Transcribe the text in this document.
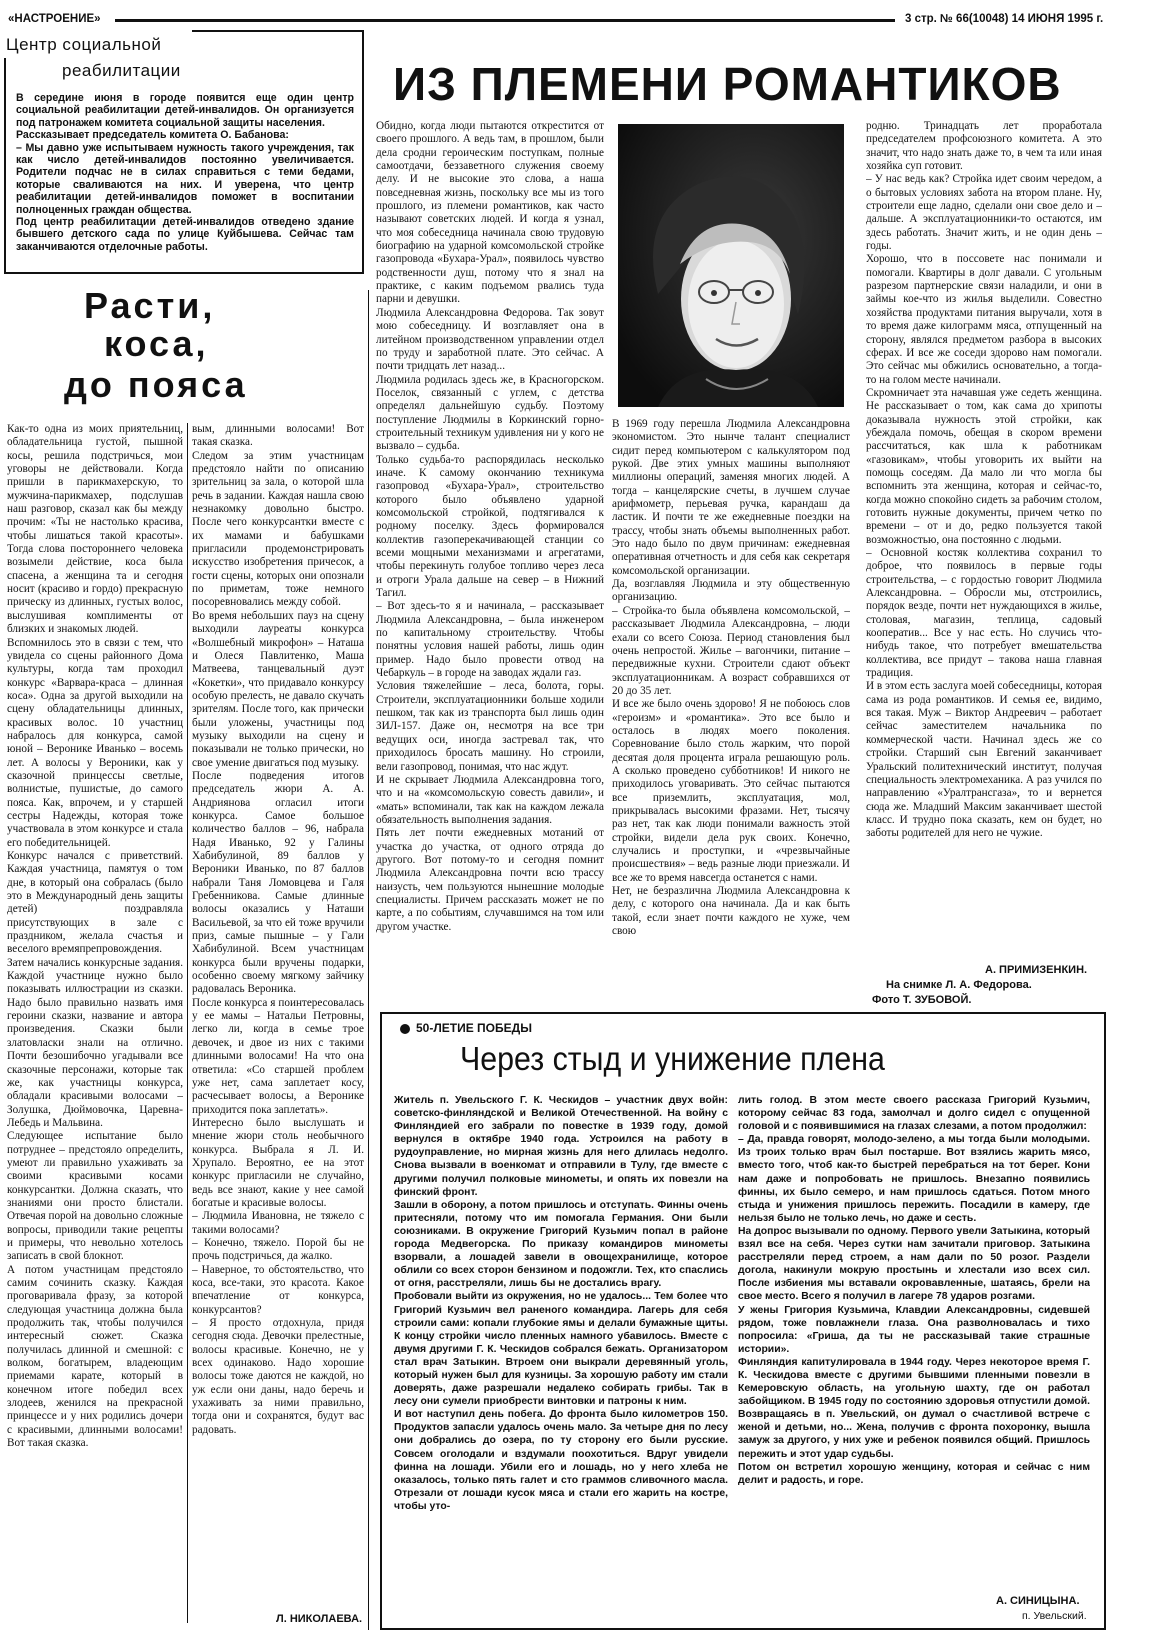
«НАСТРОЕНИЕ»	3 стр. № 66(10048) 14 ИЮНЯ 1995 г.
Центр социальной
реабилитации
В середине июня в городе появится еще один центр социальной реабилитации детей-инвалидов. Он организуется под патронажем комитета социальной защиты населения.
Рассказывает председатель комитета О. Бабанова:
– Мы давно уже испытываем нужность такого учреждения, так как число детей-инвалидов постоянно увеличивается. Родители подчас не в силах справиться с теми бедами, которые сваливаются на них. И уверена, что центр реабилитации детей-инвалидов поможет в воспитании полноценных граждан общества.
Под центр реабилитации детей-инвалидов отведено здание бывшего детского сада по улице Куйбышева. Сейчас там заканчиваются отделочные работы.
Расти,
коса,
до пояса
Как-то одна из моих приятельниц, обладательница густой, пышной косы, решила подстричься, мои уговоры не действовали. Когда пришли в парикмахерскую, то мужчина-парикмахер, подслушав наш разговор, сказал как бы между прочим: «Ты не настолько красива, чтобы лишаться такой красоты». Тогда слова постороннего человека возымели действие, коса была спасена, а женщина та и сегодня носит (красиво и гордо) прекрасную прическу из длинных, густых волос, выслушивая комплименты от близких и знакомых людей.
Вспомнилось это в связи с тем, что увидела со сцены районного Дома культуры, когда там проходил конкурс «Варвара-краса – длинная коса». Одна за другой выходили на сцену обладательницы длинных, красивых волос. 10 участниц набралось для конкурса, самой юной – Веронике Иванько – восемь лет. А волосы у Вероники, как у сказочной принцессы светлые, волнистые, пушистые, до самого пояса. Как, впрочем, и у старшей сестры Надежды, которая тоже участвовала в этом конкурсе и стала его победительницей.
Конкурс начался с приветствий. Каждая участница, памятуя о том дне, в который она собралась (было это в Международный день защиты детей) поздравляла присутствующих в зале с праздником, желала счастья и веселого времяпрепровождения.
Затем начались конкурсные задания. Каждой участнице нужно было показывать иллюстрации из сказки. Надо было правильно назвать имя героини сказки, название и автора произведения. Сказки были златовласки знали на отлично. Почти безошибочно угадывали все сказочные персонажи, которые так же, как участницы конкурса, обладали красивыми волосами – Золушка, Дюймовочка, Царевна-Лебедь и Мальвина.
Следующее испытание было потруднее – предстояло определить, умеют ли правильно ухаживать за своими красивыми косами конкурсантки. Должна сказать, что знаниями они просто блистали. Отвечая порой на довольно сложные вопросы, приводили такие рецепты и примеры, что невольно хотелось записать в свой блокнот.
А потом участницам предстояло самим сочинить сказку. Каждая проговаривала фразу, за которой следующая участница должна была продолжить так, чтобы получился интересный сюжет. Сказка получилась длинной и смешной: с волком, богатырем, владеющим приемами карате, который в конечном итоге победил всех злодеев, женился на прекрасной принцессе и у них родились дочери с красивыми, длинными волосами! Вот такая сказка.
вым, длинными волосами! Вот такая сказка.
Следом за этим участницам предстояло найти по описанию зрительниц за зала, о которой шла речь в задании. Каждая нашла свою незнакомку довольно быстро. После чего конкурсантки вместе с их мамами и бабушками пригласили продемонстрировать искусство изобретения причесок, а гости сцены, которых они опознали по приметам, тоже немного посоревновались между собой.
Во время небольших пауз на сцену выходили лауреаты конкурса «Волшебный микрофон» – Наташа и Олеся Павлитенко, Маша Матвеева, танцевальный дуэт «Кокетки», что придавало конкурсу особую прелесть, не давало скучать зрителям. После того, как прически были уложены, участницы под музыку выходили на сцену и показывали не только прически, но свое умение двигаться под музыку.
После подведения итогов председатель жюри А. А. Андриянова огласил итоги конкурса. Самое большое количество баллов – 96, набрала Надя Иванько, 92 у Галины Хабибулиной, 89 баллов у Вероники Иванько, по 87 баллов набрали Таня Ломовцева и Галя Гребенникова. Самые длинные волосы оказались у Наташи Васильевой, за что ей тоже вручили приз, самые пышные – у Гали Хабибулиной. Всем участницам конкурса были вручены подарки, особенно своему мягкому зайчику радовалась Вероника.
После конкурса я поинтересовалась у ее мамы – Натальи Петровны, легко ли, когда в семье трое девочек, и двое из них с такими длинными волосами! На что она ответила: «Со старшей проблем уже нет, сама заплетает косу, расчесывает волосы, а Веронике приходится пока заплетать».
Интересно было выслушать и мнение жюри столь необычного конкурса. Выбрала я Л. И. Хрупало. Вероятно, ее на этот конкурс пригласили не случайно, ведь все знают, какие у нее самой богатые и красивые волосы.
– Людмила Ивановна, не тяжело с такими волосами?
– Конечно, тяжело. Порой бы не прочь подстричься, да жалко.
– Наверное, то обстоятельство, что коса, все-таки, это красота. Какое впечатление от конкурса, конкурсантов?
– Я просто отдохнула, придя сегодня сюда. Девочки прелестные, волосы красивые. Конечно, не у всех одинаково. Надо хорошие волосы тоже даются не каждой, но уж если они даны, надо беречь и ухаживать за ними правильно, тогда они и сохранятся, будут вас радовать.
Л. НИКОЛАЕВА.
ИЗ ПЛЕМЕНИ РОМАНТИКОВ
Обидно, когда люди пытаются открестится от своего прошлого. А ведь там, в прошлом, были дела сродни героическим поступкам, полные самоотдачи, беззаветного служения своему делу. И не высокие это слова, а наша повседневная жизнь, поскольку все мы из того прошлого, из племени романтиков, как часто называют советских людей. И когда я узнал, что моя собеседница начинала свою трудовую биографию на ударной комсомольской стройке газопровода «Бухара-Урал», появилось чувство родственности душ, потому что я знал на практике, с каким подъемом рвались туда парни и девушки.
Людмила Александровна Федорова. Так зовут мою собеседницу. И возглавляет она в литейном производственном управлении отдел по труду и заработной плате. Это сейчас. А почти тридцать лет назад...
Людмила родилась здесь же, в Красногорском. Поселок, связанный с углем, с детства определял дальнейшую судьбу. Поэтому поступление Людмилы в Коркинский горно-строительный техникум удивления ни у кого не вызвало – судьба.
Только судьба-то распорядилась несколько иначе. К самому окончанию техникума газопровод «Бухара-Урал», строительство которого было объявлено ударной комсомольской стройкой, подтягивался к родному поселку. Здесь формировался коллектив газоперекачивающей станции со всеми мощными механизмами и агрегатами, чтобы перекинуть голубое топливо через леса и отроги Урала дальше на север – в Нижний Тагил.
– Вот здесь-то я и начинала, – рассказывает Людмила Александровна, – была инженером по капитальному строительству. Чтобы понятны условия нашей работы, лишь один пример. Надо было провести отвод на Чебаркуль – в городе на заводах ждали газ.
Условия тяжелейшие – леса, болота, горы. Строители, эксплуатационники больше ходили пешком, так как из транспорта был лишь один ЗИЛ-157. Даже он, несмотря на все три ведущих оси, иногда застревал так, что приходилось бросать машину. Но строили, вели газопровод, понимая, что нас ждут.
И не скрывает Людмила Александровна того, что и на «комсомольскую совесть давили», и «мать» вспоминали, так как на каждом лежала обязательность выполнения задания.
Пять лет почти ежедневных мотаний от участка до участка, от одного отряда до другого. Вот потому-то и сегодня помнит Людмила Александровна почти всю трассу наизусть, чем пользуются нынешние молодые специалисты. Причем рассказать может не по карте, а по событиям, случавшимся на том или другом участке.
В 1969 году перешла Людмила Александровна экономистом. Это нынче талант специалист сидит перед компьютером с калькулятором под рукой. Две этих умных машины выполняют миллионы операций, заменяя многих людей. А тогда – канцелярские счеты, в лучшем случае арифмометр, перьевая ручка, карандаш да ластик. И почти те же ежедневные поездки на трассу, чтобы знать объемы выполненных работ. Это надо было по двум причинам: ежедневная оперативная отчетность и для себя как секретаря комсомольской организации.
Да, возглавляя Людмила и эту общественную организацию.
– Стройка-то была объявлена комсомольской, – рассказывает Людмила Александровна, – люди ехали со всего Союза. Период становления был очень непростой. Жилье – вагончики, питание – передвижные кухни. Строители сдают объект эксплуатационникам. А возраст собравшихся от 20 до 35 лет.
И все же было очень здорово! Я не побоюсь слов «героизм» и «романтика». Это все было и осталось в людях моего поколения. Соревнование было столь жарким, что порой десятая доля процента играла решающую роль. А сколько проведено субботников! И никого не приходилось уговаривать. Это сейчас пытаются все приземлить, эксплуатация, мол, прикрывалась высокими фразами. Нет, тысячу раз нет, так как люди понимали важность этой стройки, видели дела рук своих. Конечно, случались и проступки, и «чрезвычайные происшествия» – ведь разные люди приезжали. И все же то время навсегда останется с нами.
Нет, не безразлична Людмила Александровна к делу, с которого она начинала. Да и как быть такой, если знает почти каждого не хуже, чем свою
родню. Тринадцать лет проработала председателем профсоюзного комитета. А это значит, что надо знать даже то, в чем та или иная хозяйка суп готовит.
– У нас ведь как? Стройка идет своим чередом, а о бытовых условиях забота на втором плане. Ну, строители еще ладно, сделали они свое дело и – дальше. А эксплуатационники-то остаются, им здесь работать. Значит жить, и не один день – годы.
Хорошо, что в поссовете нас понимали и помогали. Квартиры в долг давали. С угольным разрезом партнерские связи наладили, и они в займы кое-что из жилья выделили. Совестно хозяйства продуктами питания выручали, хотя в то время даже килограмм мяса, отпущенный на сторону, являлся предметом разбора в высоких сферах. И все же соседи здорово нам помогали. Это сейчас мы обжились основательно, а тогда-то на голом месте начинали.
Скромничает эта начавшая уже седеть женщина. Не рассказывает о том, как сама до хрипоты доказывала нужность этой стройки, как убеждала помочь, обещая в скором времени рассчитаться, как шла к работникам «газовикам», чтобы уговорить их выйти на помощь соседям. Да мало ли что могла бы вспомнить эта женщина, которая и сейчас-то, когда можно спокойно сидеть за рабочим столом, готовить нужные документы, причем четко по времени – от и до, редко пользуется такой возможностью, она постоянно с людьми.
– Основной костяк коллектива сохранил то доброе, что появилось в первые годы строительства, – с гордостью говорит Людмила Александровна. – Обросли мы, отстроились, порядок везде, почти нет нуждающихся в жилье, столовая, магазин, теплица, садовый кооператив... Все у нас есть. Но случись что-нибудь такое, что потребует вмешательства коллектива, все придут – такова наша главная традиция.
И в этом есть заслуга моей собеседницы, которая сама из рода романтиков. И семья ее, видимо, вся такая. Муж – Виктор Андреевич – работает сейчас заместителем начальника по коммерческой части. Начинал здесь же со стройки. Старший сын Евгений заканчивает Уральский политехнический институт, получая специальность электромеханика. А раз учился по направлению «Уралтрансгаза», то и вернется сюда же. Младший Максим заканчивает шестой класс. И трудно пока сказать, кем он будет, но заботы родителей для него не чужие.
А. ПРИМИЗЕНКИН.
На снимке Л. А. Федорова.
Фото Т. ЗУБОВОЙ.
50-ЛЕТИЕ ПОБЕДЫ
Через стыд и унижение плена
Житель п. Увельского Г. К. Ческидов – участник двух войн: советско-финляндской и Великой Отечественной. На войну с Финляндией его забрали по повестке в 1939 году, домой вернулся в октябре 1940 года. Устроился на работу в рудоуправление, но мирная жизнь для него длилась недолго. Снова вызвали в военкомат и отправили в Тулу, где вместе с другими получил полковые минометы, и опять их повезли на финский фронт.
Зашли в оборону, а потом пришлось и отступать. Финны очень притесняли, потому что им помогала Германия. Они были союзниками. В окружение Григорий Кузьмич попал в районе города Медвегорска. По приказу командиров минометы взорвали, а лошадей завели в овощехранилище, которое облили со всех сторон бензином и подожгли. Тех, кто спаслись от огня, расстреляли, лишь бы не достались врагу.
Пробовали выйти из окружения, но не удалось... Тем более что Григорий Кузьмич вел раненого командира. Лагерь для себя строили сами: копали глубокие ямы и делали бумажные щиты. К концу стройки число пленных намного убавилось. Вместе с двумя другими Г. К. Ческидов собрался бежать. Организатором стал врач Затыкин. Втроем они выкрали деревянный уголь, который нужен был для кузницы. За хорошую работу им стали доверять, даже разрешали недалеко собирать грибы. Так в лесу они сумели приобрести винтовки и патроны к ним.
И вот наступил день побега. До фронта было километров 150. Продуктов запасли удалось очень мало. За четыре дня по лесу они добрались до озера, по ту сторону его были русские. Совсем оголодали и вздумали поохотиться. Вдруг увидели финна на лошади. Убили его и лошадь, но у него хлеба не оказалось, только пять галет и сто граммов сливочного масла. Отрезали от лошади кусок мяса и стали его жарить на костре, чтобы уто-
лить голод. В этом месте своего рассказа Григорий Кузьмич, которому сейчас 83 года, замолчал и долго сидел с опущенной головой и с появившимися на глазах слезами, а потом продолжил:
– Да, правда говорят, молодо-зелено, а мы тогда были молодыми. Из троих только врач был постарше. Вот взялись жарить мясо, вместо того, чтоб как-то быстрей перебраться на тот берег. Кони нам даже и попробовать не пришлось. Внезапно появились финны, их было семеро, и нам пришлось сдаться. Потом много стыда и унижения пришлось пережить. Посадили в камеру, где нельзя было не только лечь, но даже и сесть.
На допрос вызывали по одному. Первого увели Затыкина, который взял все на себя. Через сутки нам зачитали приговор. Затыкина расстреляли перед строем, а нам дали по 50 розог. Раздели догола, накинули мокрую простынь и хлестали изо всех сил. После избиения мы вставали окровавленные, шатаясь, брели на свое место. Всего я получил в лагере 78 ударов розгами.
У жены Григория Кузьмича, Клавдии Александровны, сидевшей рядом, тоже повлажнели глаза. Она разволновалась и тихо попросила: «Гриша, да ты не рассказывай такие страшные истории».
Финляндия капитулировала в 1944 году. Через некоторое время Г. К. Ческидова вместе с другими бывшими пленными повезли в Кемеровскую область, на угольную шахту, где он работал забойщиком. В 1945 году по состоянию здоровья отпустили домой. Возвращаясь в п. Увельский, он думал о счастливой встрече с женой и детьми, но... Жена, получив с фронта похоронку, вышла замуж за другого, у них уже и ребенок появился общий. Пришлось пережить и этот удар судьбы.
Потом он встретил хорошую женщину, которая и сейчас с ним делит и радость, и горе.
А. СИНИЦЫНА.
п. Увельский.
